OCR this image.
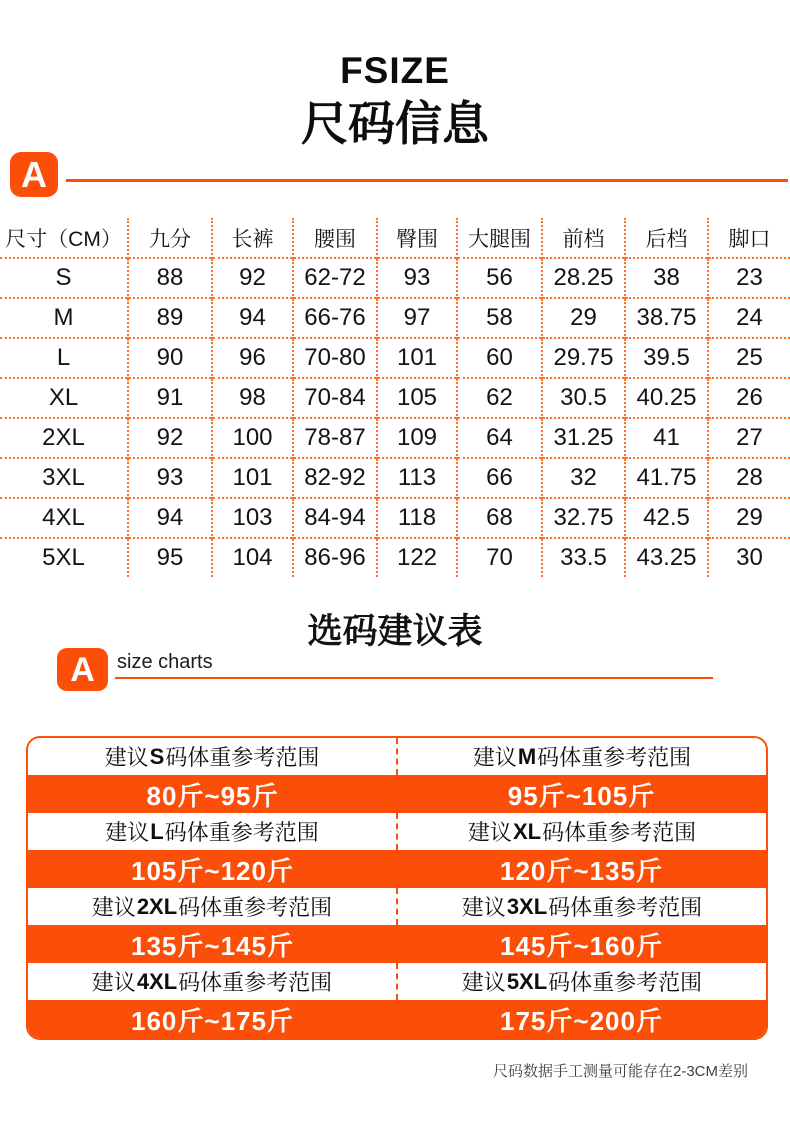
FSIZE
尺码信息
A
尺寸（CM）	九分	长裤	腰围	臀围	大腿围	前档	后档	脚口
S	88	92	62-72	93	56	28.25	38	23
M	89	94	66-76	97	58	29	38.75	24
L	90	96	70-80	101	60	29.75	39.5	25
XL	91	98	70-84	105	62	30.5	40.25	26
2XL	92	100	78-87	109	64	31.25	41	27
3XL	93	101	82-92	113	66	32	41.75	28
4XL	94	103	84-94	118	68	32.75	42.5	29
5XL	95	104	86-96	122	70	33.5	43.25	30
选码建议表
A size charts
建议 S 码体重参考范围	建议 M 码体重参考范围
80斤~95斤	95斤~105斤
建议 L 码体重参考范围	建议 XL 码体重参考范围
105斤~120斤	120斤~135斤
建议 2XL 码体重参考范围	建议 3XL 码体重参考范围
135斤~145斤	145斤~160斤
建议 4XL 码体重参考范围	建议 5XL 码体重参考范围
160斤~175斤	175斤~200斤
尺码数据手工测量可能存在2-3CM差别
